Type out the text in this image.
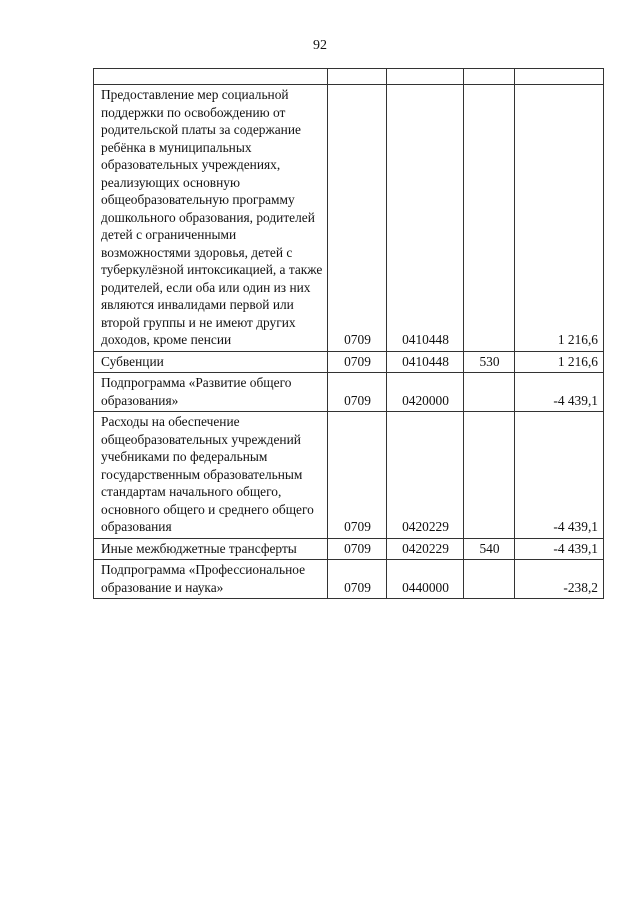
92

Предоставление мер социальной поддержки по освобождению от родительской платы за содержание ребёнка в муниципальных образовательных учреждениях, реализующих основную общеобразовательную программу дошкольного образования, родителей детей с ограниченными возможностями здоровья, детей с туберкулёзной интоксикацией, а также родителей, если оба или один из них являются инвалидами первой или второй группы и не имеют других доходов, кроме пенсии	0709	0410448		1 216,6
Субвенции	0709	0410448	530	1 216,6
Подпрограмма «Развитие общего образования»	0709	0420000		-4 439,1
Расходы на обеспечение общеобразовательных учреждений учебниками по федеральным государственным образовательным стандартам начального общего, основного общего и среднего общего образования	0709	0420229		-4 439,1
Иные межбюджетные трансферты	0709	0420229	540	-4 439,1
Подпрограмма «Профессиональное образование и наука»	0709	0440000		-238,2
